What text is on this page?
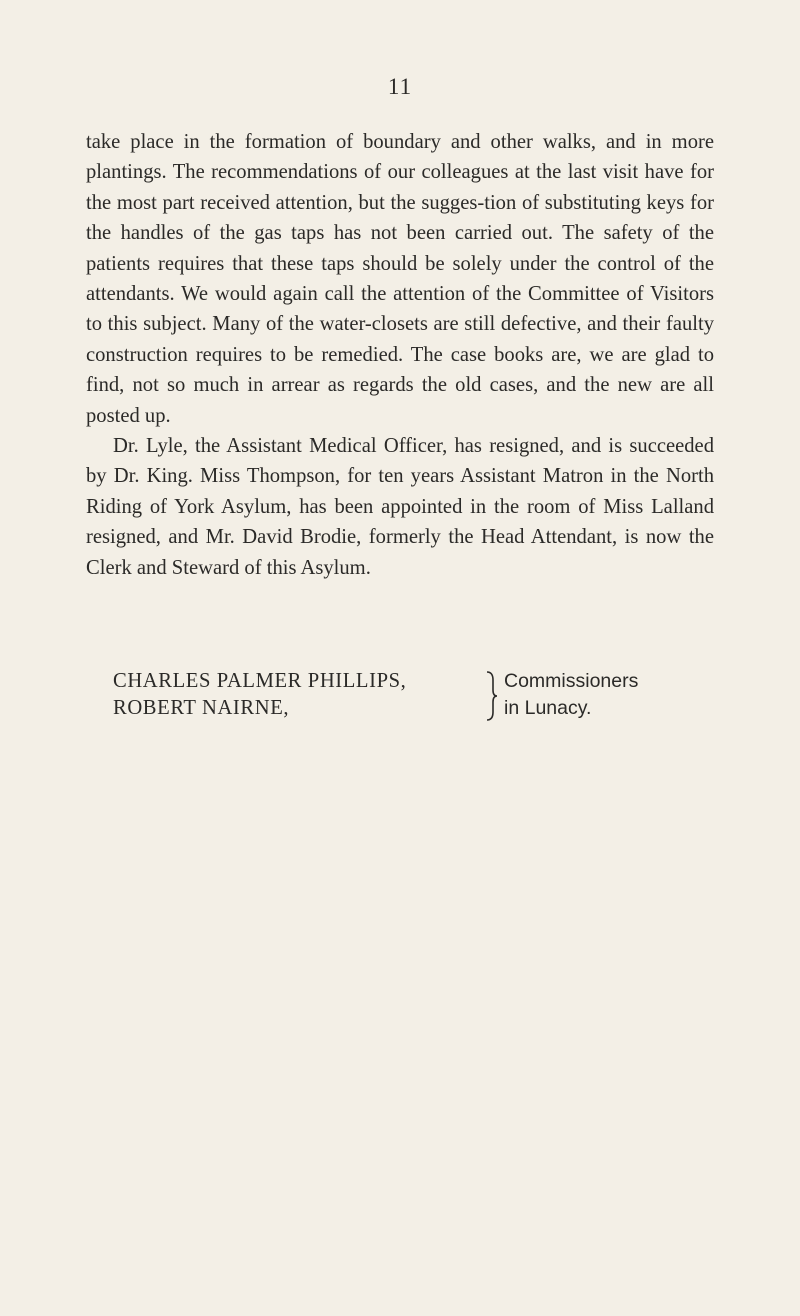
11

take place in the formation of boundary and other walks, and in more plantings. The recommendations of our colleagues at the last visit have for the most part received attention, but the sugges-tion of substituting keys for the handles of the gas taps has not been carried out. The safety of the patients requires that these taps should be solely under the control of the attendants. We would again call the attention of the Committee of Visitors to this subject. Many of the water-closets are still defective, and their faulty construction requires to be remedied. The case books are, we are glad to find, not so much in arrear as regards the old cases, and the new are all posted up.

Dr. Lyle, the Assistant Medical Officer, has resigned, and is succeeded by Dr. King. Miss Thompson, for ten years Assistant Matron in the North Riding of York Asylum, has been appointed in the room of Miss Lalland resigned, and Mr. David Brodie, formerly the Head Attendant, is now the Clerk and Steward of this Asylum.

CHARLES PALMER PHILLIPS,
ROBERT NAIRNE,
Commissioners
in Lunacy.
